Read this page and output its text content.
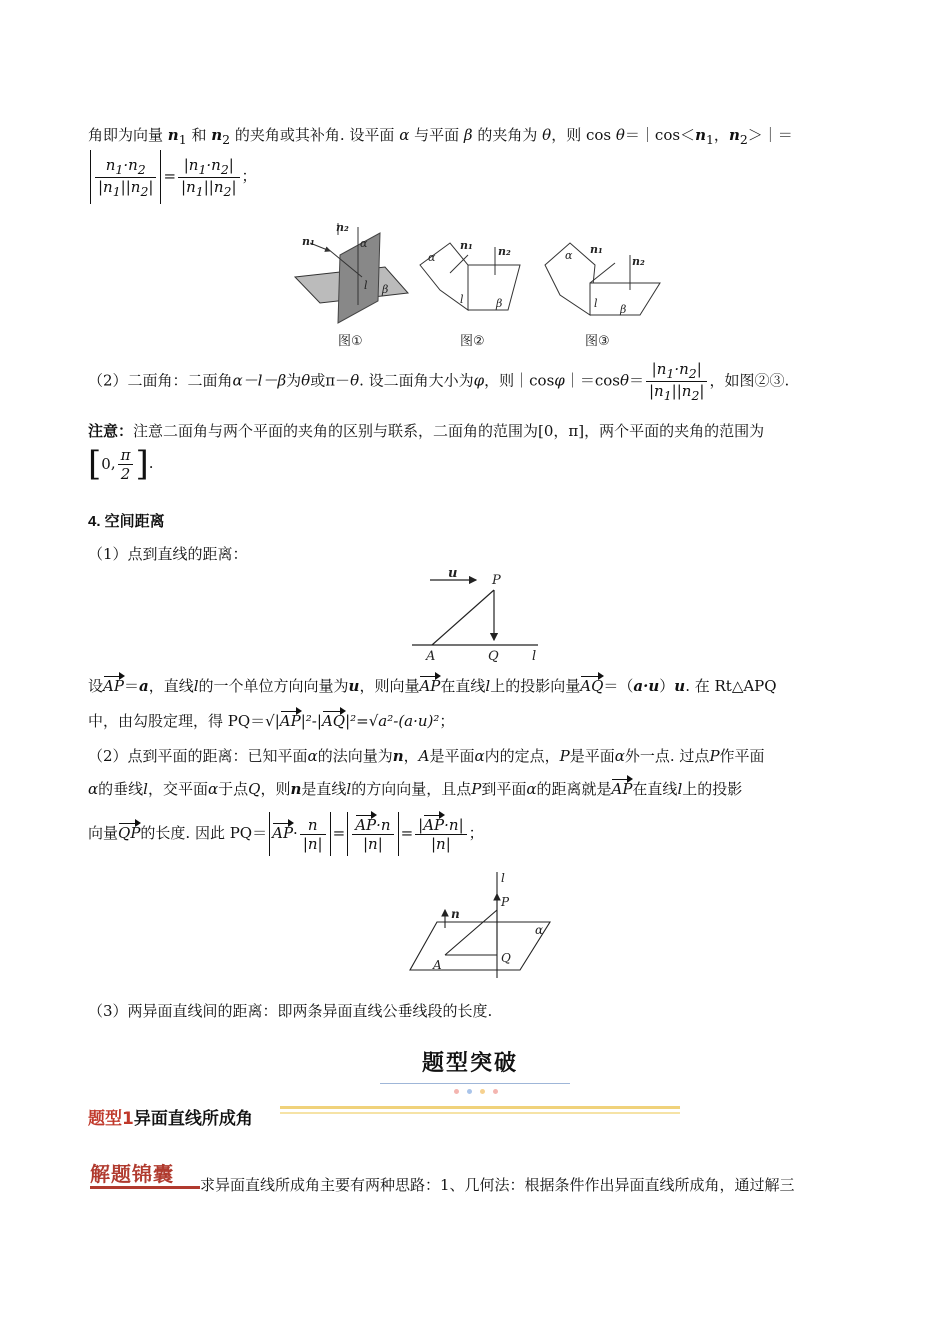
角即为向量 $n_1$ 和 $n_2$ 的夹角或其补角. 设平面 α 与平面 β 的夹角为 θ，则 $\cos \theta=|\cos<n_1$，$n_2>|=$
$\frac{n_1\cdot n_2}{|n_1||n_2|} = \frac{|n_1\cdot n_2|}{|n_1||n_2|}$ ；
n₁
n₂
α
β
l
α
n₁ n₂
l	β
α n₁
n₂
l β
图①	图②	图③
（2）二面角：二面角α－l－β为θ或π－θ. 设二面角大小为φ，则｜cosφ｜＝cosθ＝ $\frac{|n_1\cdot n_2|}{|n_1||n_2|}$ ，如图②③.
注意：注意二面角与两个平面的夹角的区别与联系，二面角的范围为[0，π]，两个平面的夹角的范围为
[0, $\frac{\pi}{2}$ ].
4. 空间距离
（1）点到直线的距离：
u	P
A	Q	l
设AP＝a，直线l的一个单位方向向量为u，则向量AP在直线l上的投影向量AQ＝（a·u）u. 在 Rt△APQ
中，由勾股定理，得 PQ＝√|AP|²-|AQ|²=√a²-(a·u)²；
（2）点到平面的距离：已知平面α的法向量为n，A是平面α内的定点，P是平面α外一点. 过点P作平面
α的垂线l，交平面α于点Q，则n是直线l的方向向量，且点P到平面α的距离就是AP在直线l上的投影
向量QP的长度. 因此 $PQ= AP\cdot \frac{n}{|n|} = \frac{AP\cdot n}{|n|} = \frac{|AP\cdot n|}{|n|}$ ；
l
n
P
α
A	Q
（3）两异面直线间的距离：即两条异面直线公垂线段的长度.
题型突破
题型1异面直线所成角
解题锦囊 求异面直线所成角主要有两种思路：1、几何法：根据条件作出异面直线所成角，通过解三
